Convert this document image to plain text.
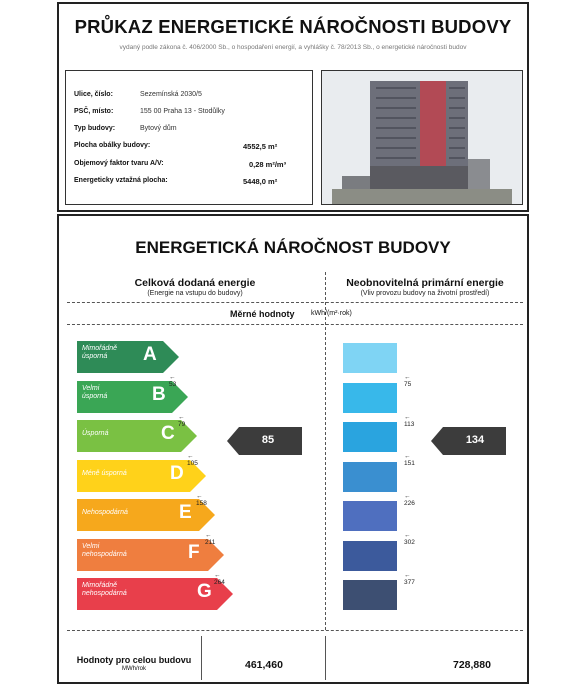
PRŮKAZ ENERGETICKÉ NÁROČNOSTI BUDOVY
vydaný podle zákona č. 406/2000 Sb., o hospodaření energií, a vyhlášky č. 78/2013 Sb., o energetické náročnosti budov
Ulice, číslo:	Sezemínská 2030/5
PSČ, místo:	155 00 Praha 13 - Stodůlky
Typ budovy:	Bytový dům
Plocha obálky budovy:	4552,5 m²
Objemový faktor tvaru A/V:	0,28 m²/m³
Energeticky vztažná plocha:	5448,0 m²
ENERGETICKÁ NÁROČNOST BUDOVY
Celková dodaná energie
(Energie na vstupu do budovy)
Neobnovitelná primární energie
(Vliv provozu budovy na životní prostředí)
Měrné hodnoty kWh/(m²·rok)
Mimořádně
úsporná	A
Velmi
úsporná B
Úsporná	C
Méně úsporná D
Nehospodárná	E
Velmi
nehospodárná	F
Mimořádně
nehospodárná	G
← 53
← 79
← 105
← 158
← 211
← 264
← 75
← 113
← 151
← 226
← 302
← 377
85	134
Hodnoty pro celou budovu
MWh/rok	461,460	728,880
